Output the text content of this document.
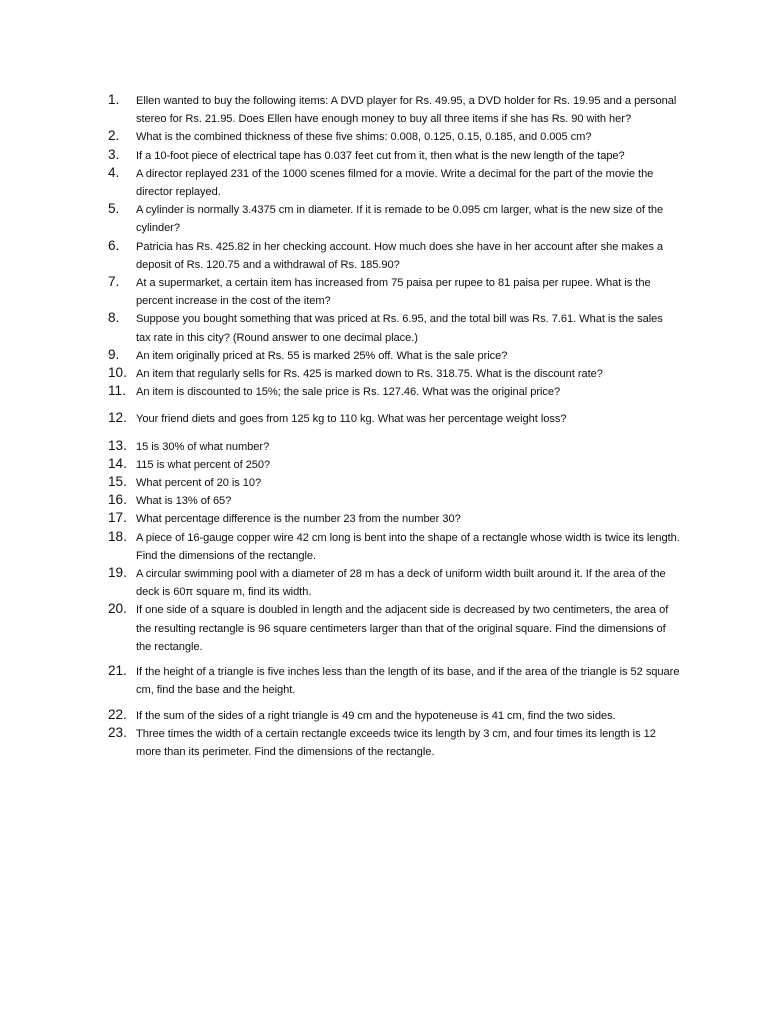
1.	Ellen wanted to buy the following items: A DVD player for Rs. 49.95, a DVD holder for Rs. 19.95 and a personal stereo for Rs. 21.95. Does Ellen have enough money to buy all three items if she has Rs. 90 with her?
2.	What is the combined thickness of these five shims: 0.008, 0.125, 0.15, 0.185, and 0.005 cm?
3.	If a 10-foot piece of electrical tape has 0.037 feet cut from it, then what is the new length of the tape?
4.	A director replayed 231 of the 1000 scenes filmed for a movie. Write a decimal for the part of the movie the director replayed.
5.	A cylinder is normally 3.4375 cm in diameter. If it is remade to be 0.095 cm larger, what is the new size of the cylinder?
6.	Patricia has Rs. 425.82 in her checking account. How much does she have in her account after she makes a deposit of Rs. 120.75 and a withdrawal of Rs. 185.90?
7.	At a supermarket, a certain item has increased from 75 paisa per rupee to 81 paisa per rupee. What is the percent increase in the cost of the item?
8.	Suppose you bought something that was priced at Rs. 6.95, and the total bill was Rs. 7.61. What is the sales tax rate in this city? (Round answer to one decimal place.)
9.	An item originally priced at Rs. 55 is marked 25% off. What is the sale price?
10. An item that regularly sells for Rs. 425 is marked down to Rs. 318.75. What is the discount rate?
11. An item is discounted to 15%; the sale price is Rs. 127.46. What was the original price?
12. Your friend diets and goes from 125 kg to 110 kg. What was her percentage weight loss?
13. 15 is 30% of what number?
14. 115 is what percent of 250?
15. What percent of 20 is 10?
16. What is 13% of 65?
17. What percentage difference is the number 23 from the number 30?
18. A piece of 16-gauge copper wire 42 cm long is bent into the shape of a rectangle whose width is twice its length. Find the dimensions of the rectangle.
19. A circular swimming pool with a diameter of 28 m has a deck of uniform width built around it. If the area of the deck is 60π square m, find its width.
20. If one side of a square is doubled in length and the adjacent side is decreased by two centimeters, the area of the resulting rectangle is 96 square centimeters larger than that of the original square. Find the dimensions of the rectangle.
21. If the height of a triangle is five inches less than the length of its base, and if the area of the triangle is 52 square cm, find the base and the height.
22. If the sum of the sides of a right triangle is 49 cm and the hypoteneuse is 41 cm, find the two sides.
23. Three times the width of a certain rectangle exceeds twice its length by 3 cm, and four times its length is 12 more than its perimeter. Find the dimensions of the rectangle.
